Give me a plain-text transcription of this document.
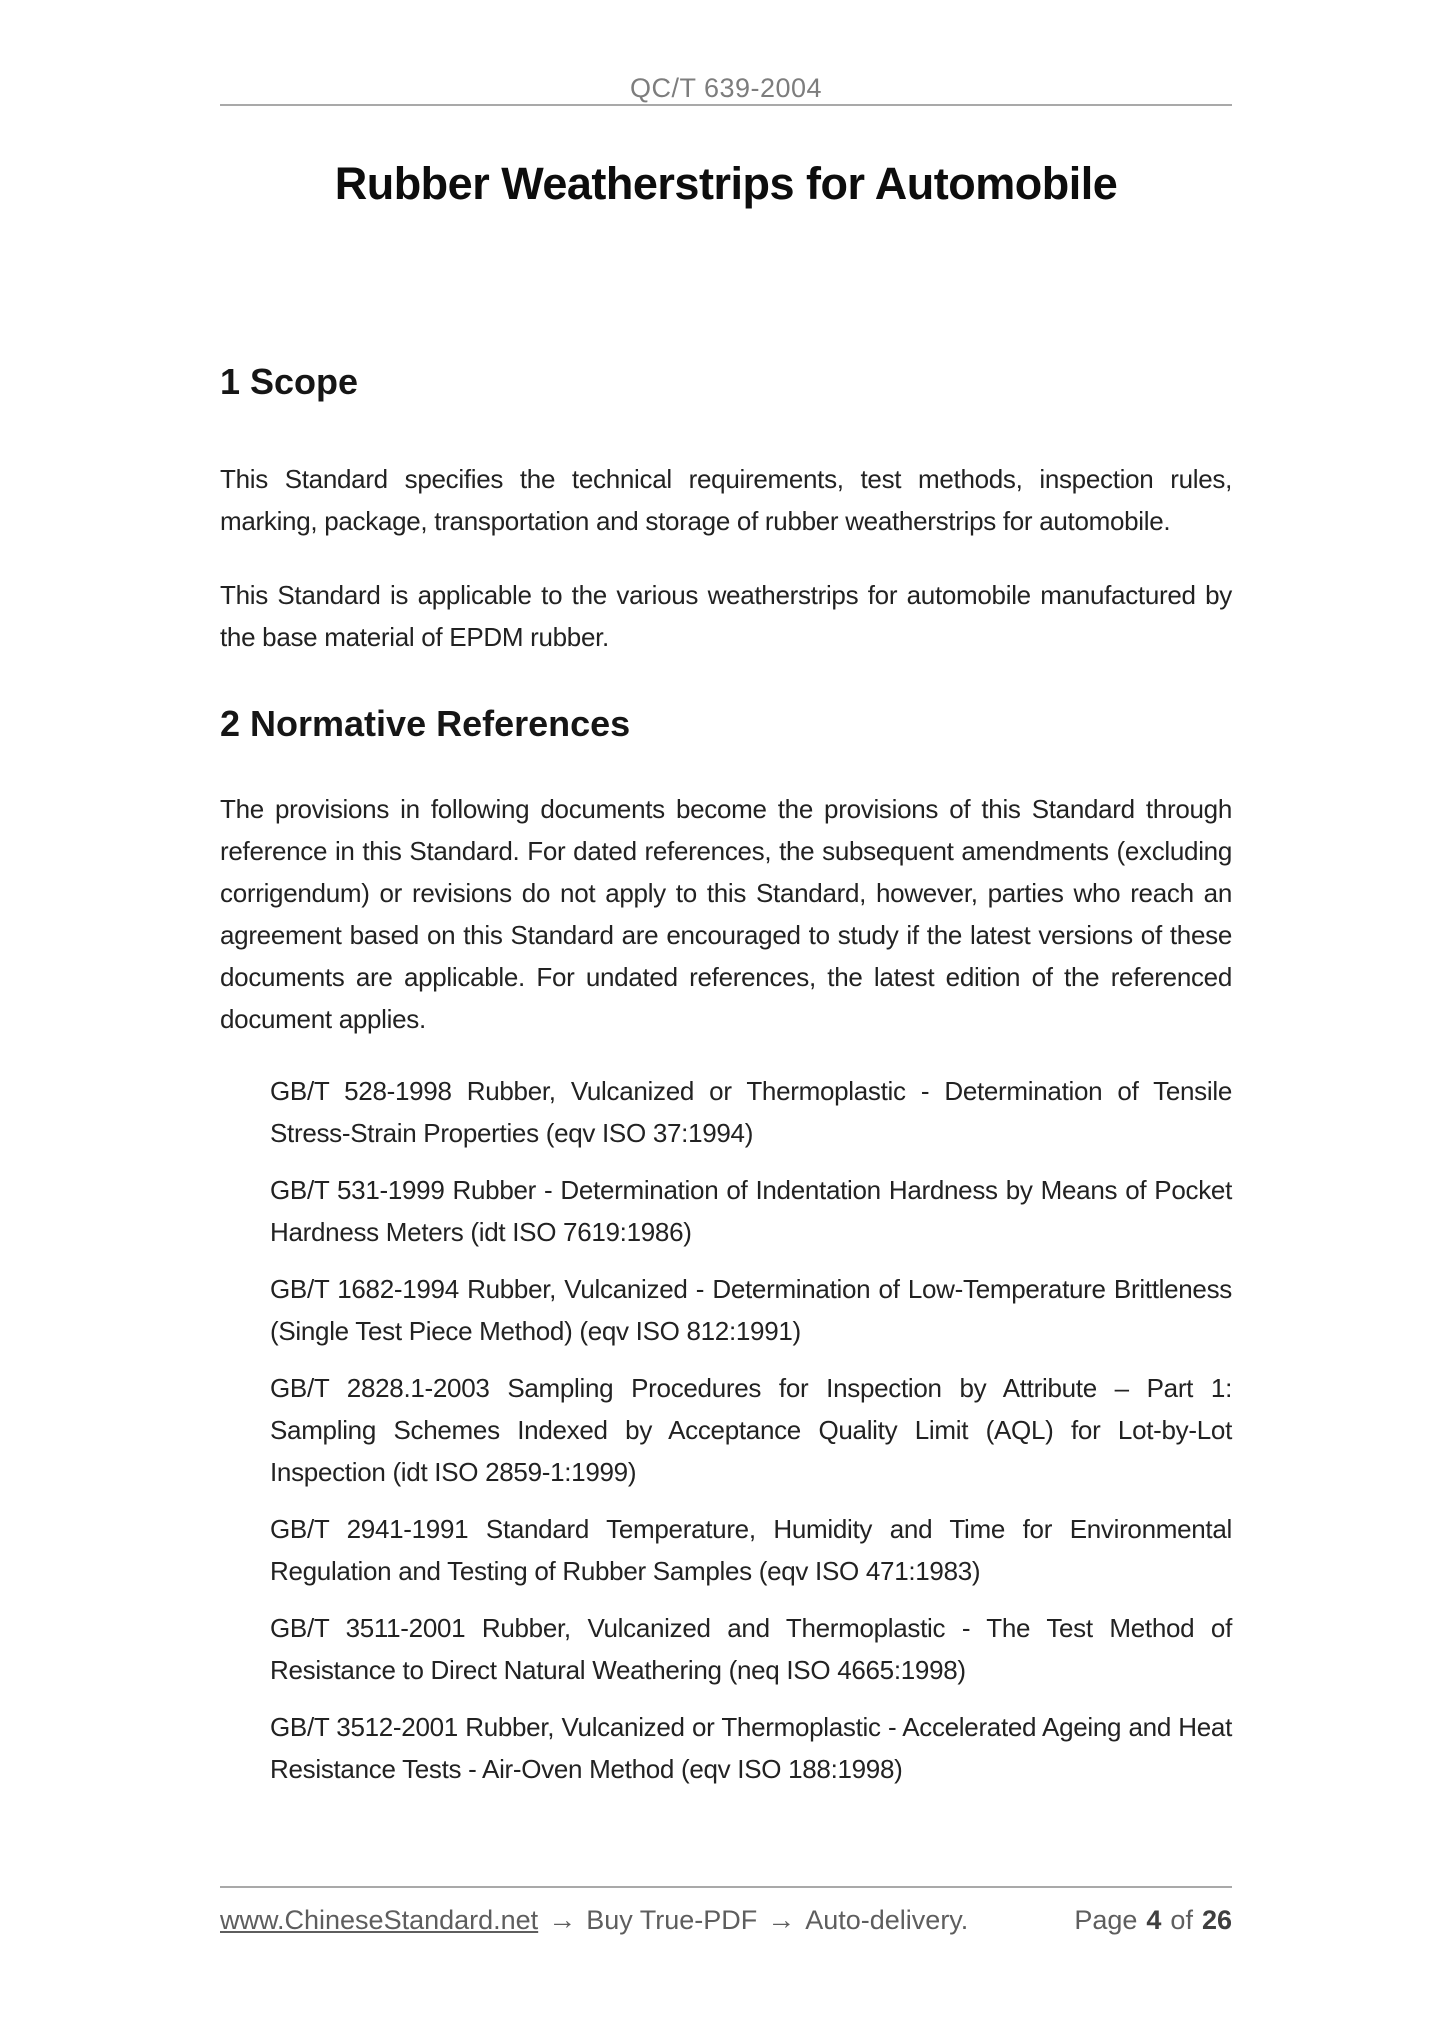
QC/T 639-2004
Rubber Weatherstrips for Automobile
1 Scope

This Standard specifies the technical requirements, test methods, inspection rules, marking, package, transportation and storage of rubber weatherstrips for automobile.

This Standard is applicable to the various weatherstrips for automobile manufactured by the base material of EPDM rubber.

2 Normative References

The provisions in following documents become the provisions of this Standard through reference in this Standard. For dated references, the subsequent amendments (excluding corrigendum) or revisions do not apply to this Standard, however, parties who reach an agreement based on this Standard are encouraged to study if the latest versions of these documents are applicable. For undated references, the latest edition of the referenced document applies.

GB/T 528-1998 Rubber, Vulcanized or Thermoplastic - Determination of Tensile Stress-Strain Properties (eqv ISO 37:1994)

GB/T 531-1999 Rubber - Determination of Indentation Hardness by Means of Pocket Hardness Meters (idt ISO 7619:1986)

GB/T 1682-1994 Rubber, Vulcanized - Determination of Low-Temperature Brittleness (Single Test Piece Method) (eqv ISO 812:1991)

GB/T 2828.1-2003 Sampling Procedures for Inspection by Attribute – Part 1: Sampling Schemes Indexed by Acceptance Quality Limit (AQL) for Lot-by-Lot Inspection (idt ISO 2859-1:1999)

GB/T 2941-1991 Standard Temperature, Humidity and Time for Environmental Regulation and Testing of Rubber Samples (eqv ISO 471:1983)

GB/T 3511-2001 Rubber, Vulcanized and Thermoplastic - The Test Method of Resistance to Direct Natural Weathering (neq ISO 4665:1998)

GB/T 3512-2001 Rubber, Vulcanized or Thermoplastic - Accelerated Ageing and Heat Resistance Tests - Air-Oven Method (eqv ISO 188:1998)

www.ChineseStandard.net → Buy True-PDF → Auto-delivery.	Page 4 of 26
